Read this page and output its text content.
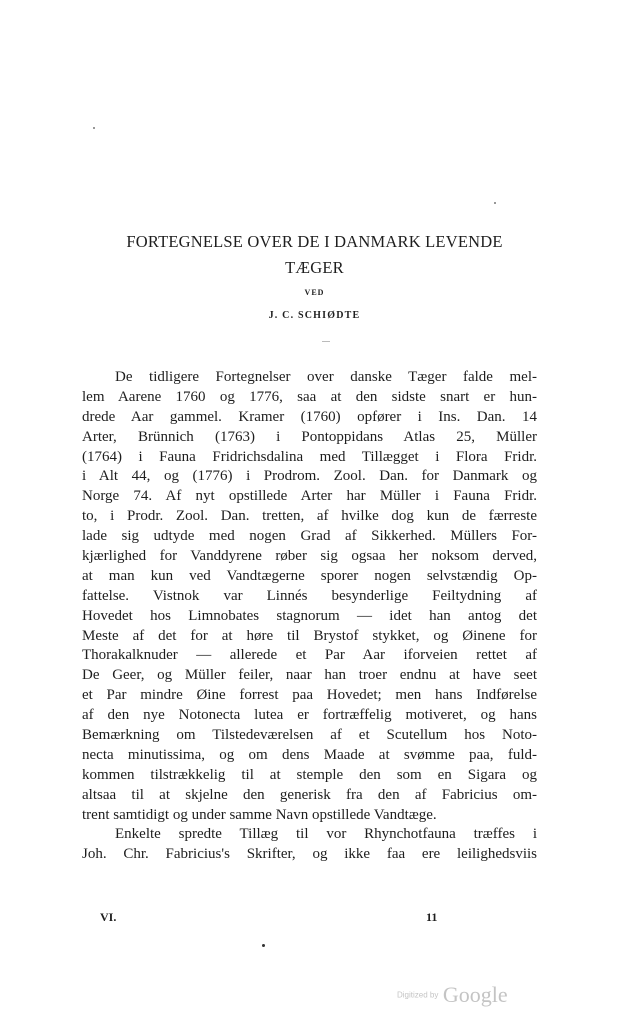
FORTEGNELSE OVER DE I DANMARK LEVENDE
TÆGER
VED
J. C. SCHIØDTE
De tidligere Fortegnelser over danske Tæger falde mel-
lem Aarene 1760 og 1776, saa at den sidste snart er hun-
drede Aar gammel. Kramer (1760) opfører i Ins. Dan. 14
Arter, Brünnich (1763) i Pontoppidans Atlas 25, Müller
(1764) i Fauna Fridrichsdalina med Tillægget i Flora Fridr.
i Alt 44, og (1776) i Prodrom. Zool. Dan. for Danmark og
Norge 74. Af nyt opstillede Arter har Müller i Fauna Fridr.
to, i Prodr. Zool. Dan. tretten, af hvilke dog kun de færreste
lade sig udtyde med nogen Grad af Sikkerhed. Müllers For-
kjærlighed for Vanddyrene røber sig ogsaa her noksom derved,
at man kun ved Vandtægerne sporer nogen selvstændig Op-
fattelse. Vistnok var Linnés besynderlige Feiltydning af
Hovedet hos Limnobates stagnorum — idet han antog det
Meste af det for at høre til Brystof stykket, og Øinene for
Thorakalknuder — allerede et Par Aar iforveien rettet af
De Geer, og Müller feiler, naar han troer endnu at have seet
et Par mindre Øine forrest paa Hovedet; men hans Indførelse
af den nye Notonecta lutea er fortræffelig motiveret, og hans
Bemærkning om Tilstedeværelsen af et Scutellum hos Noto-
necta minutissima, og om dens Maade at svømme paa, fuld-
kommen tilstrækkelig til at stemple den som en Sigara og
altsaa til at skjelne den generisk fra den af Fabricius om-
trent samtidigt og under samme Navn opstillede Vandtæge.
Enkelte spredte Tillæg til vor Rhynchotfauna træffes i
Joh. Chr. Fabricius's Skrifter, og ikke faa ere leilighedsviis
VI.	11
Digitized by Google
